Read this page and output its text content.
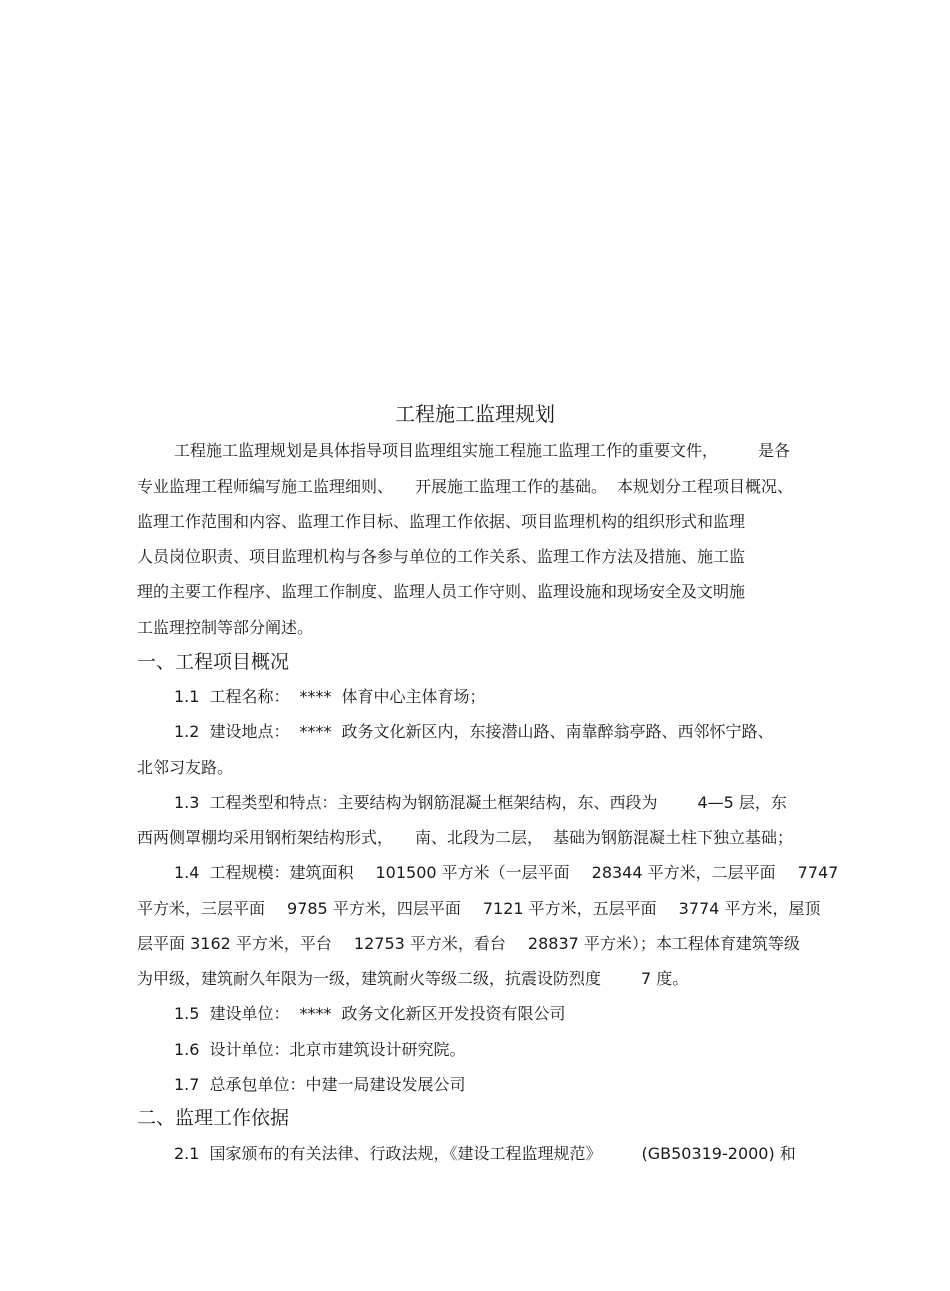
工程施工监理规划
工程施工监理规划是具体指导项目监理组实施工程施工监理工作的重要文件，	是各
专业监理工程师编写施工监理细则、 开展施工监理工作的基础。 本规划分工程项目概况、
监理工作范围和内容、监理工作目标、监理工作依据、项目监理机构的组织形式和监理
人员岗位职责、项目监理机构与各参与单位的工作关系、监理工作方法及措施、施工监
理的主要工作程序、监理工作制度、监理人员工作守则、监理设施和现场安全及文明施
工监理控制等部分阐述。
一、工程项目概况
1.1 工程名称： **** 体育中心主体育场；
1.2 建设地点： **** 政务文化新区内，东接潜山路、南靠醉翁亭路、西邻怀宁路、
北邻习友路。
1.3 工程类型和特点：主要结构为钢筋混凝土框架结构，东、西段为	4—5 层，东
西两侧罩棚均采用钢桁架结构形式， 南、北段为二层， 基础为钢筋混凝土柱下独立基础；
1.4 工程规模：建筑面积 101500 平方米（一层平面 28344 平方米，二层平面 7747
平方米，三层平面 9785 平方米，四层平面 7121 平方米，五层平面 3774 平方米，屋顶
层平面 3162 平方米，平台 12753 平方米，看台 28837 平方米）；本工程体育建筑等级
为甲级，建筑耐久年限为一级，建筑耐火等级二级，抗震设防烈度	7 度。
1.5 建设单位： **** 政务文化新区开发投资有限公司
1.6 设计单位：北京市建筑设计研究院。
1.7 总承包单位：中建一局建设发展公司
二、监理工作依据
2.1 国家颁布的有关法律、行政法规，《建设工程监理规范》	(GB50319-2000) 和
